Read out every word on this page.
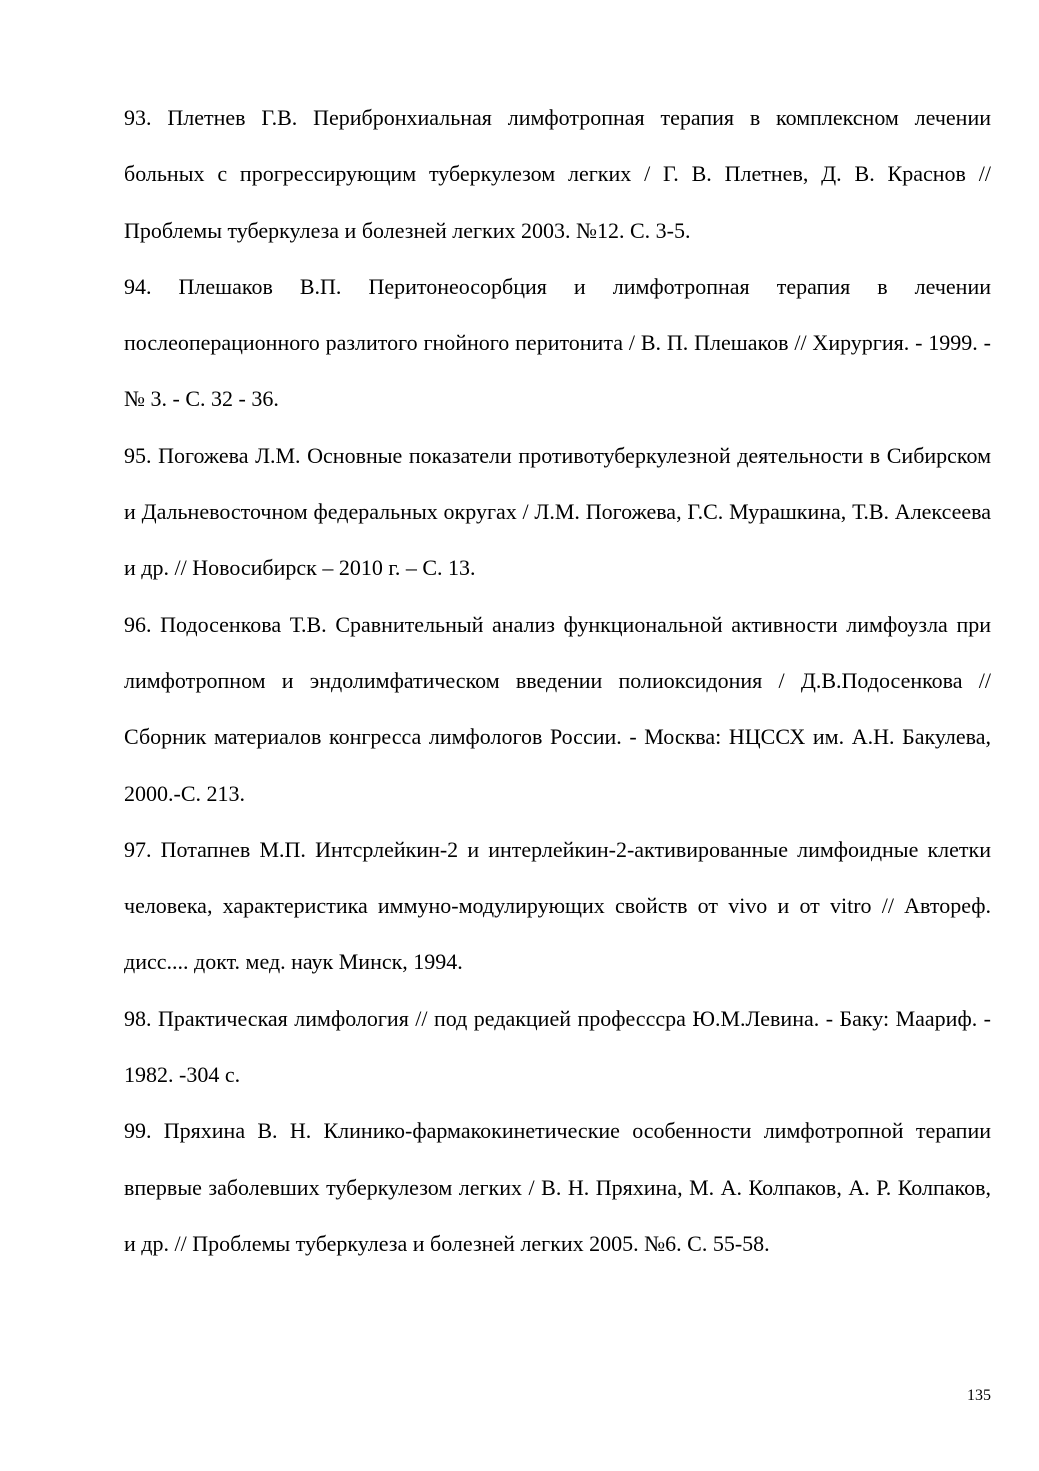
93. Плетнев Г.В. Перибронхиальная лимфотропная терапия в комплексном лечении больных с прогрессирующим туберкулезом легких / Г. В. Плетнев, Д. В. Краснов // Проблемы туберкулеза и болезней легких 2003. №12. С. 3-5.
94. Плешаков В.П. Перитонеосорбция и лимфотропная терапия в лечении послеоперационного разлитого гнойного перитонита / В. П. Плешаков // Хирургия. - 1999. - № 3. - С. 32 - 36.
95. Погожева Л.М. Основные показатели противотуберкулезной деятельности в Сибирском и Дальневосточном федеральных округах / Л.М. Погожева, Г.С. Мурашкина, Т.В. Алексеева и др. // Новосибирск – 2010 г. – С. 13.
96. Подосенкова Т.В. Сравнительный анализ функциональной активности лимфоузла при лимфотропном и эндолимфатическом введении полиоксидония / Д.В.Подосенкова // Сборник материалов конгресса лимфологов России. - Москва: НЦССХ им. А.Н. Бакулева, 2000.-С. 213.
97. Потапнев М.П. Интсрлейкин-2 и интерлейкин-2-активированные лимфоидные клетки человека, характеристика иммуно-модулирующих свойств от vivo и от vitro // Автореф. дисс.... докт. мед. наук Минск, 1994.
98. Практическая лимфология // под редакцией професcсра Ю.М.Левина. - Баку: Маариф. - 1982. -304 с.
99. Пряхина В. Н. Клинико-фармакокинетические особенности лимфотропной терапии впервые заболевших туберкулезом легких / В. Н. Пряхина, М. А. Колпаков, А. Р. Колпаков, и др. // Проблемы туберкулеза и болезней легких 2005. №6. С. 55-58.
135
